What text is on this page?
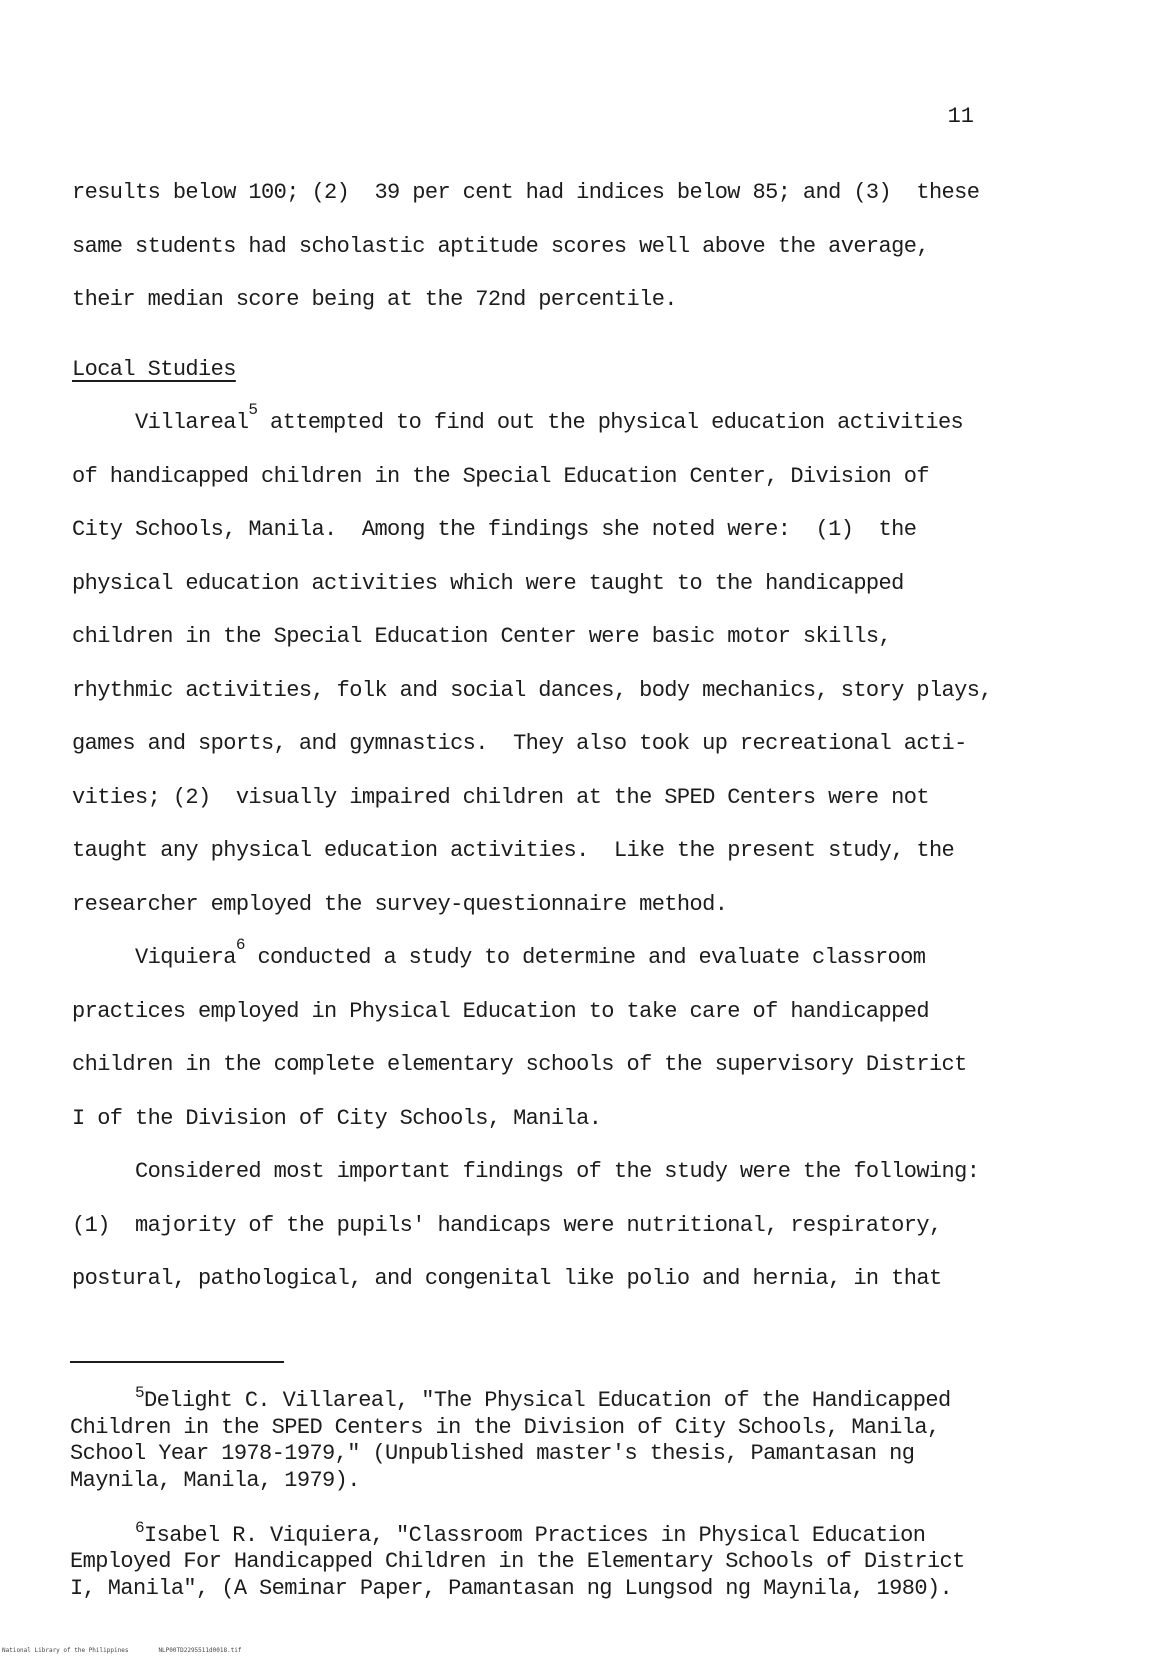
11
results below 100; (2)  39 per cent had indices below 85; and (3)  these
same students had scholastic aptitude scores well above the average,
their median score being at the 72nd percentile.
Local Studies
Villareal$^5$ attempted to find out the physical education activities
of handicapped children in the Special Education Center, Division of
City Schools, Manila.  Among the findings she noted were:  (1)  the
physical education activities which were taught to the handicapped
children in the Special Education Center were basic motor skills,
rhythmic activities, folk and social dances, body mechanics, story plays,
games and sports, and gymnastics.  They also took up recreational acti-
vities; (2)  visually impaired children at the SPED Centers were not
taught any physical education activities.  Like the present study, the
researcher employed the survey-questionnaire method.
Viquiera$^6$ conducted a study to determine and evaluate classroom
practices employed in Physical Education to take care of handicapped
children in the complete elementary schools of the supervisory District
I of the Division of City Schools, Manila.
Considered most important findings of the study were the following:
(1)  majority of the pupils' handicaps were nutritional, respiratory,
postural, pathological, and congenital like polio and hernia, in that
$^5$Delight C. Villareal, "The Physical Education of the Handicapped
Children in the SPED Centers in the Division of City Schools, Manila,
School Year 1978-1979," (Unpublished master's thesis, Pamantasan ng
Maynila, Manila, 1979).
$^6$Isabel R. Viquiera, "Classroom Practices in Physical Education
Employed For Handicapped Children in the Elementary Schools of District
I, Manila", (A Seminar Paper, Pamantasan ng Lungsod ng Maynila, 1980).
National Library of the Philippines	NLP00TD2295511d0018.tif
